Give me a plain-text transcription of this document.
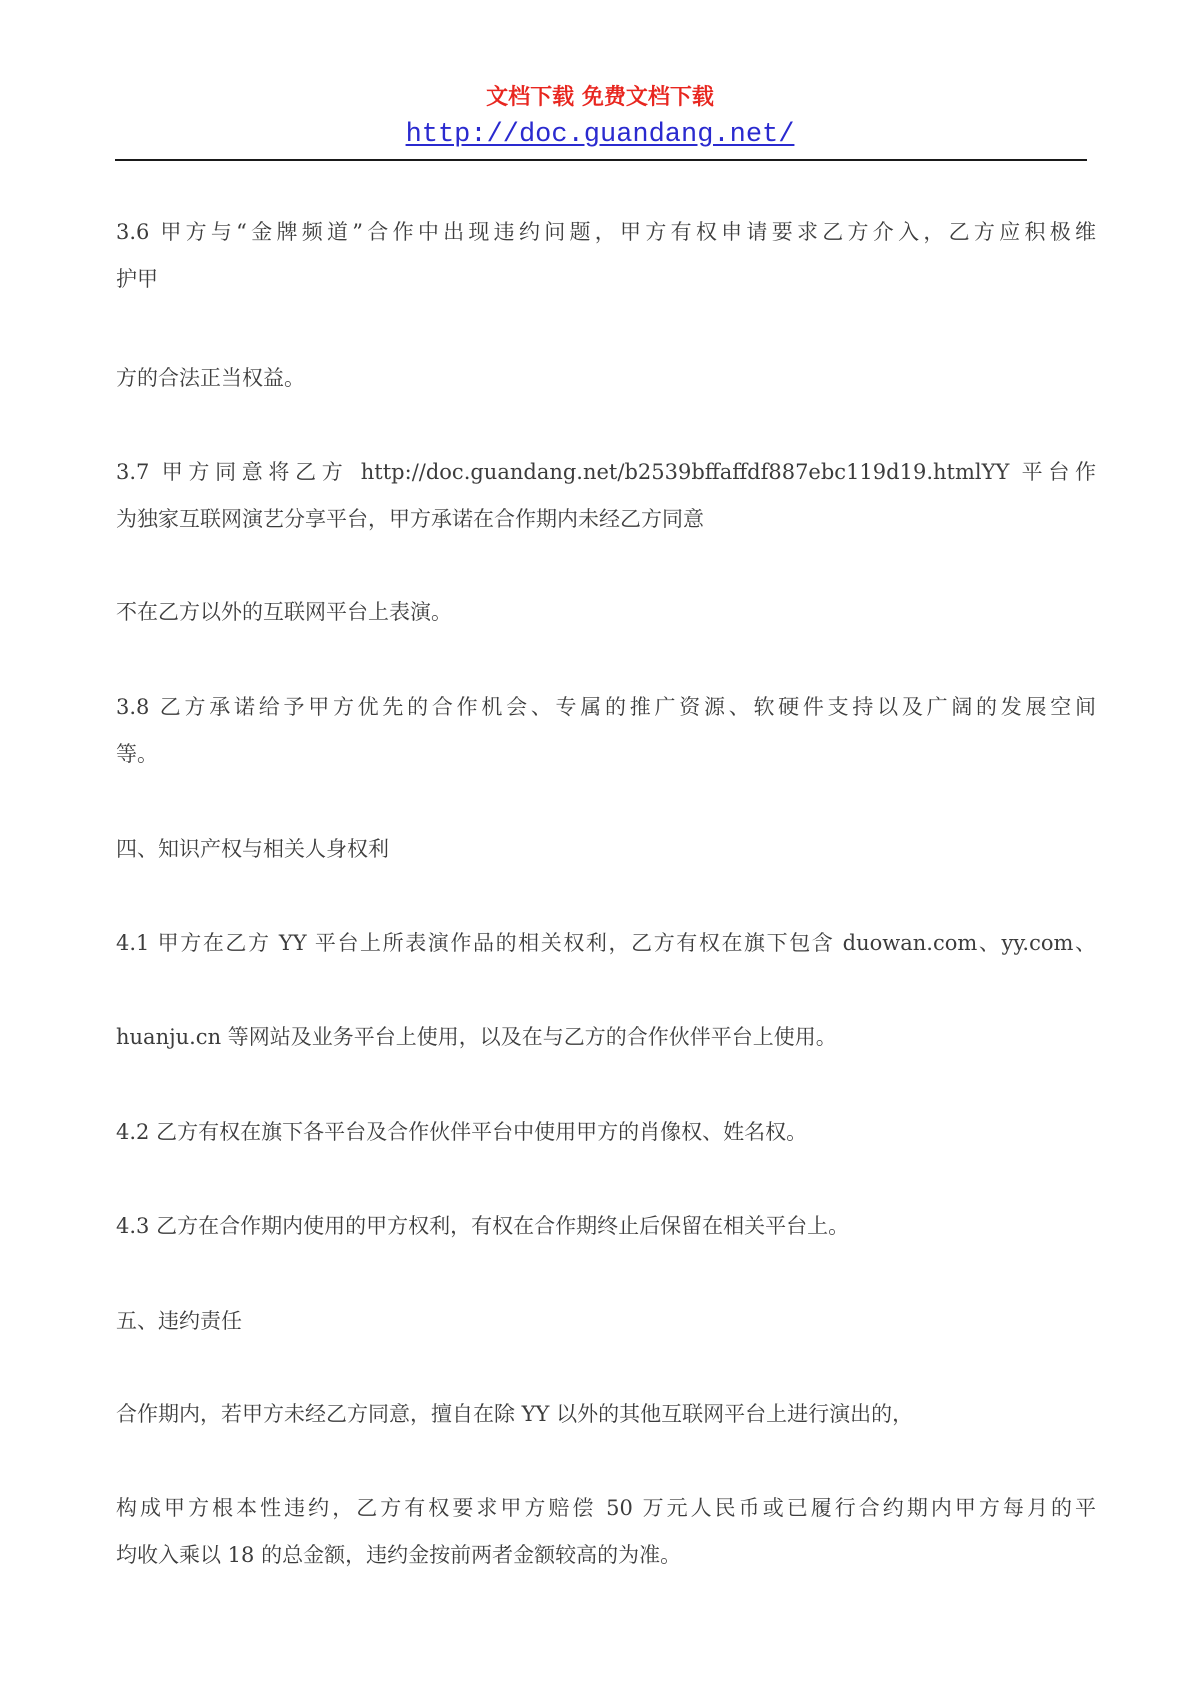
文档下载 免费文档下载
http://doc.guandang.net/
3.6 甲方与“金牌频道”合作中出现违约问题，甲方有权申请要求乙方介入，乙方应积极维
护甲
方的合法正当权益。
3.7 甲方同意将乙方 http://doc.guandang.net/b2539bffaffdf887ebc119d19.htmlYY 平台作
为独家互联网演艺分享平台，甲方承诺在合作期内未经乙方同意
不在乙方以外的互联网平台上表演。
3.8 乙方承诺给予甲方优先的合作机会、专属的推广资源、软硬件支持以及广阔的发展空间
等。
四、知识产权与相关人身权利
4.1 甲方在乙方 YY 平台上所表演作品的相关权利，乙方有权在旗下包含 duowan.com、yy.com、
huanju.cn 等网站及业务平台上使用，以及在与乙方的合作伙伴平台上使用。
4.2 乙方有权在旗下各平台及合作伙伴平台中使用甲方的肖像权、姓名权。
4.3 乙方在合作期内使用的甲方权利，有权在合作期终止后保留在相关平台上。
五、违约责任
合作期内，若甲方未经乙方同意，擅自在除 YY 以外的其他互联网平台上进行演出的，
构成甲方根本性违约，乙方有权要求甲方赔偿 50 万元人民币或已履行合约期内甲方每月的平
均收入乘以 18 的总金额，违约金按前两者金额较高的为准。
